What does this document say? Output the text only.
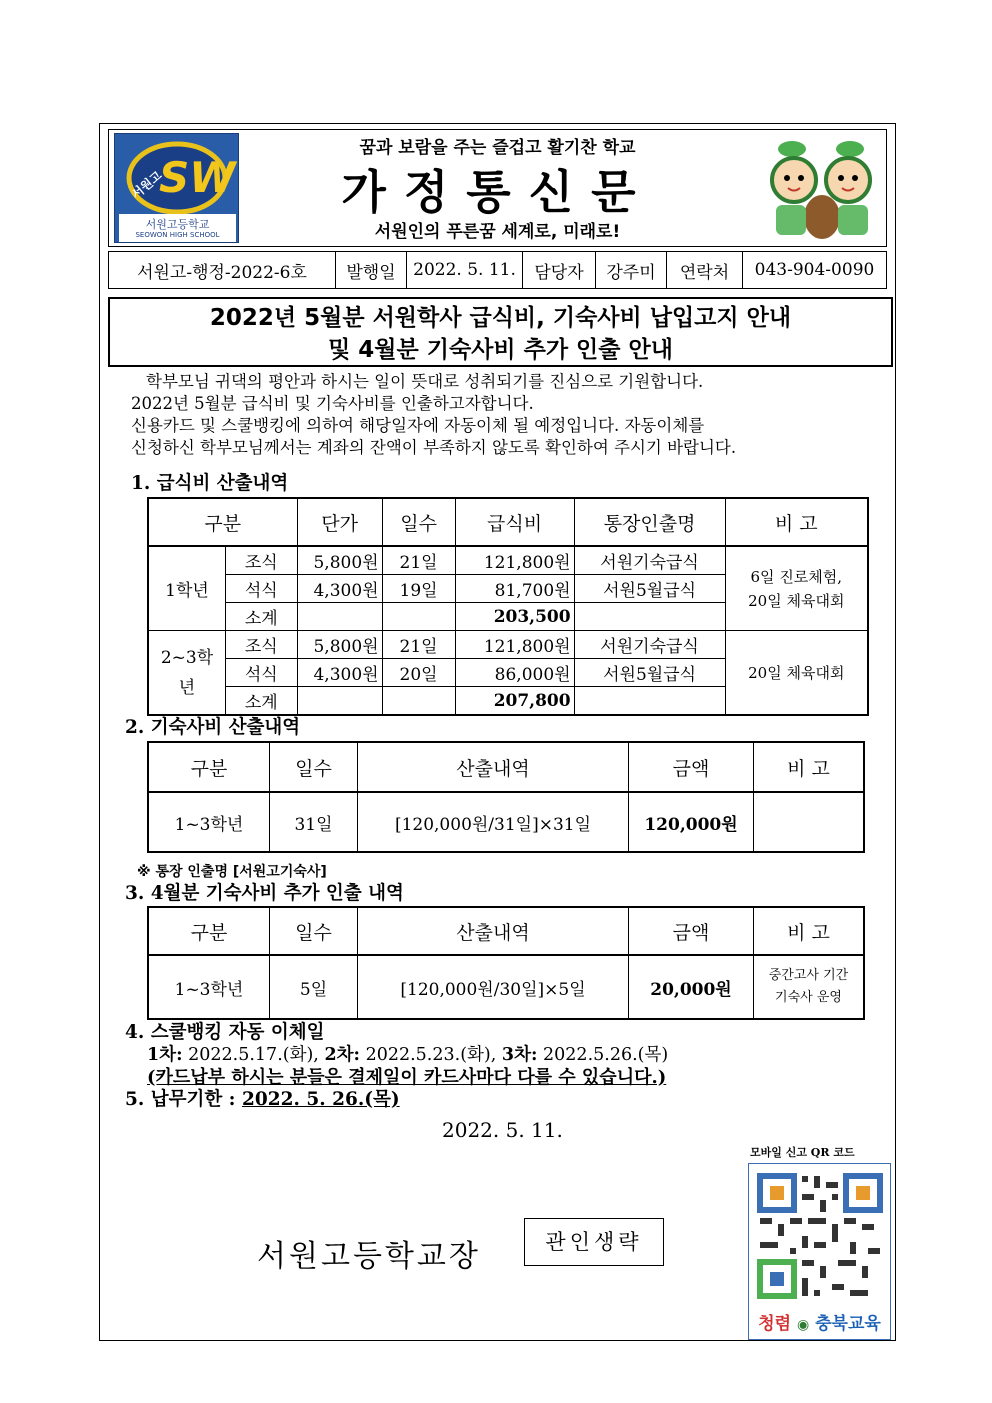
SW
서원고
서원고등학교
SEOWON HIGH SCHOOL
꿈과 보람을 주는 즐겁고 활기찬 학교
가정통신문
서원인의 푸른꿈 세계로, 미래로!
서원고-행정-2022-6호	발행일	2022. 5. 11.	담당자	강주미	연락처	043-904-0090
2022년 5월분 서원학사 급식비, 기숙사비 납입고지 안내
및 4월분 기숙사비 추가 인출 안내
학부모님 귀댁의 평안과 하시는 일이 뜻대로 성취되기를 진심으로 기원합니다.
2022년 5월분 급식비 및 기숙사비를 인출하고자합니다.
신용카드 및 스쿨뱅킹에 의하여 해당일자에 자동이체 될 예정입니다. 자동이체를
신청하신 학부모님께서는 계좌의 잔액이 부족하지 않도록 확인하여 주시기 바랍니다.
1. 급식비 산출내역
구분		단가	일수	급식비	통장인출명	비 고
1학년	조식	5,800원	21일	121,800원	서원기숙급식	6일 진로체험,
20일 체육대회

	석식	4,300원	19일	81,700원	서원5월급식	
	소계			203,500		

2~3학
년	조식	5,800원	21일	121,800원	서원기숙급식	20일 체육대회
	석식	4,300원	20일	86,000원	서원5월급식	
	소계			207,800		
2. 기숙사비 산출내역
구분	일수	산출내역	금액	비 고
1~3학년	31일	[120,000원/31일]×31일	120,000원	
※ 통장 인출명 [서원고기숙사]
3. 4월분 기숙사비 추가 인출 내역
구분	일수	산출내역	금액	비 고
1~3학년	5일	[120,000원/30일]×5일	20,000원	중간고사 기간
기숙사 운영
4. 스쿨뱅킹 자동 이체일
1차: 2022.5.17.(화), 2차: 2022.5.23.(화), 3차: 2022.5.26.(목)
(카드납부 하시는 분들은 결제일이 카드사마다 다를 수 있습니다.)
5. 납무기한 : 2022. 5. 26.(목)
2022. 5. 11.
서원고등학교장	관인생략
모바일 신고 QR 코드
청렴 ◉ 충북교육
